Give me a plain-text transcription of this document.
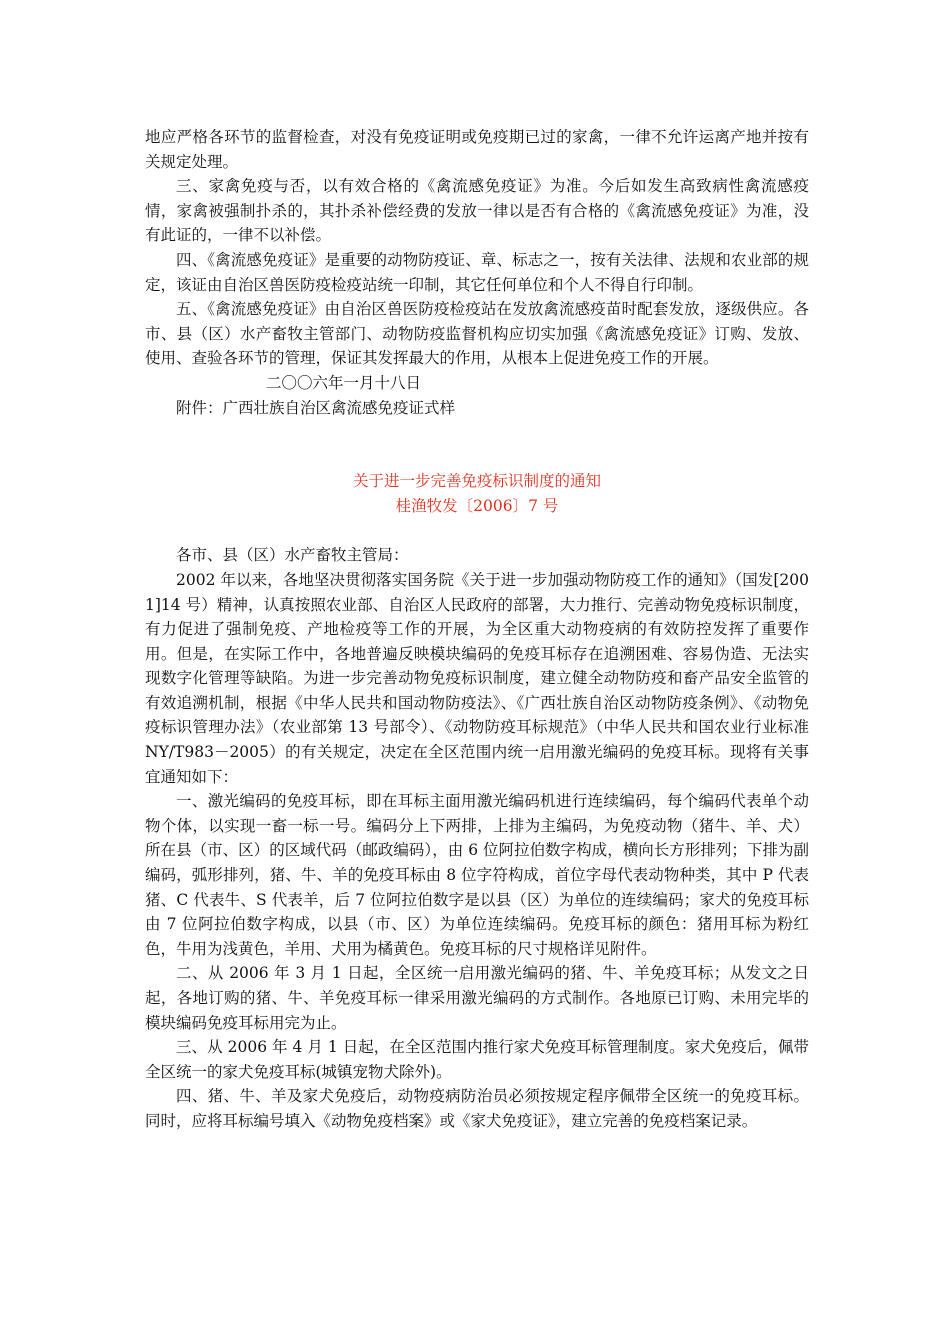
地应严格各环节的监督检查，对没有免疫证明或免疫期已过的家禽，一律不允许运离产地并按有关规定处理。

三、家禽免疫与否，以有效合格的《禽流感免疫证》为准。今后如发生高致病性禽流感疫情，家禽被强制扑杀的，其扑杀补偿经费的发放一律以是否有合格的《禽流感免疫证》为准，没有此证的，一律不以补偿。

四、《禽流感免疫证》是重要的动物防疫证、章、标志之一，按有关法律、法规和农业部的规定，该证由自治区兽医防疫检疫站统一印制，其它任何单位和个人不得自行印制。

五、《禽流感免疫证》由自治区兽医防疫检疫站在发放禽流感疫苗时配套发放，逐级供应。各市、县（区）水产畜牧主管部门、动物防疫监督机构应切实加强《禽流感免疫证》订购、发放、使用、查验各环节的管理，保证其发挥最大的作用，从根本上促进免疫工作的开展。

二〇〇六年一月十八日

附件：广西壮族自治区禽流感免疫证式样

关于进一步完善免疫标识制度的通知

桂渔牧发〔2006〕7 号

各市、县（区）水产畜牧主管局：

2002 年以来，各地坚决贯彻落实国务院《关于进一步加强动物防疫工作的通知》（国发[2001]14 号）精神，认真按照农业部、自治区人民政府的部署，大力推行、完善动物免疫标识制度，有力促进了强制免疫、产地检疫等工作的开展，为全区重大动物疫病的有效防控发挥了重要作用。但是，在实际工作中，各地普遍反映模块编码的免疫耳标存在追溯困难、容易伪造、无法实现数字化管理等缺陷。为进一步完善动物免疫标识制度，建立健全动物防疫和畜产品安全监管的有效追溯机制，根据《中华人民共和国动物防疫法》、《广西壮族自治区动物防疫条例》、《动物免疫标识管理办法》（农业部第 13 号部令）、《动物防疫耳标规范》（中华人民共和国农业行业标准 NY/T983－2005）的有关规定，决定在全区范围内统一启用激光编码的免疫耳标。现将有关事宜通知如下：

一、激光编码的免疫耳标，即在耳标主面用激光编码机进行连续编码，每个编码代表单个动物个体，以实现一畜一标一号。编码分上下两排，上排为主编码，为免疫动物（猪牛、羊、犬）所在县（市、区）的区域代码（邮政编码），由 6 位阿拉伯数字构成，横向长方形排列；下排为副编码，弧形排列，猪、牛、羊的免疫耳标由 8 位字符构成，首位字母代表动物种类，其中 P 代表猪、C 代表牛、S 代表羊，后 7 位阿拉伯数字是以县（区）为单位的连续编码；家犬的免疫耳标由 7 位阿拉伯数字构成，以县（市、区）为单位连续编码。免疫耳标的颜色：猪用耳标为粉红色，牛用为浅黄色，羊用、犬用为橘黄色。免疫耳标的尺寸规格详见附件。

二、从 2006 年 3 月 1 日起，全区统一启用激光编码的猪、牛、羊免疫耳标；从发文之日起，各地订购的猪、牛、羊免疫耳标一律采用激光编码的方式制作。各地原已订购、未用完毕的模块编码免疫耳标用完为止。

三、从 2006 年 4 月 1 日起，在全区范围内推行家犬免疫耳标管理制度。家犬免疫后，佩带全区统一的家犬免疫耳标(城镇宠物犬除外)。

四、猪、牛、羊及家犬免疫后，动物疫病防治员必须按规定程序佩带全区统一的免疫耳标。同时，应将耳标编号填入《动物免疫档案》或《家犬免疫证》，建立完善的免疫档案记录。
